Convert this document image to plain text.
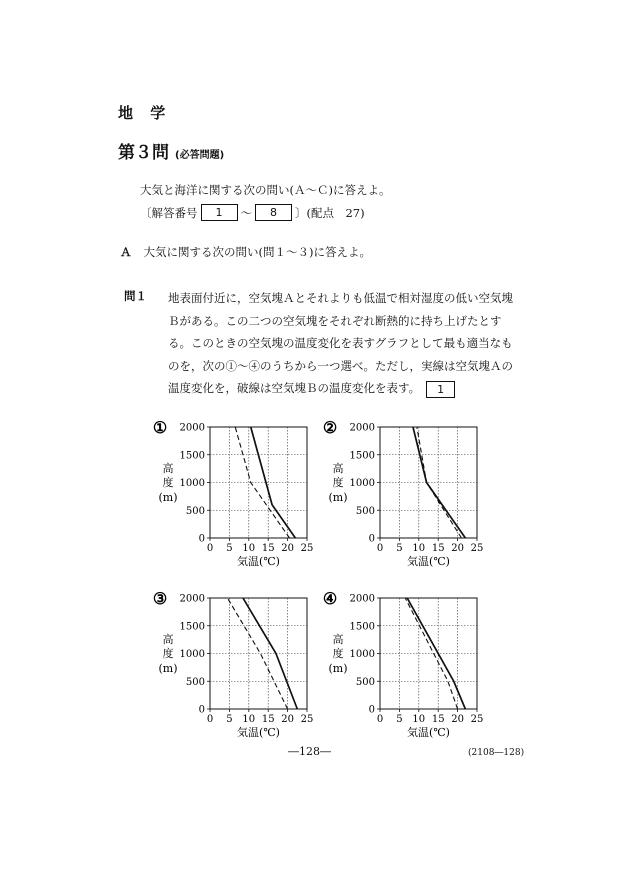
地 学
第３問 (必答問題)
大気と海洋に関する次の問い(Ａ～Ｃ)に答えよ。
〔解答番号	1	～	8	〕(配点　27)
Ａ 大気に関する次の問い(問１～３)に答えよ。
問１ 地表面付近に，空気塊Ａとそれよりも低温で相対湿度の低い空気塊Ｂがある。この二つの空気塊をそれぞれ断熱的に持ち上げたとする。このときの空気塊の温度変化を表すグラフとして最も適当なものを，次の①～④のうちから一つ選べ。ただし，実線は空気塊Ａの温度変化を，破線は空気塊Ｂの温度変化を表す。 1
0 5 10 15 20 25
0
500
1000
1500
2000
気温(℃)
高度(m)
①
0 5 10 15 20 25
0
500
1000
1500
2000
気温(℃)
高度(m)
②
0 5 10 15 20 25
0
500
1000
1500
2000
気温(℃)
高度(m)
③
0 5 10 15 20 25
0
500
1000
1500
2000
気温(℃)
高度(m)
④
―128―	(2108―128)
